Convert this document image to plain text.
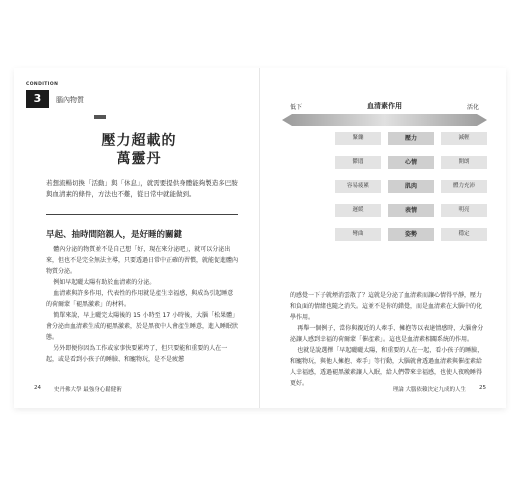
CONDITION
3	腦內物質
壓力超載的
萬靈丹
若想流暢切換「活動」與「休息」，就需要提供身體能夠製造多巴胺與血清素的條件，方法也不難，從日常中就能做到。
早起、抽時間陪親人，是好睡的關鍵

體內分泌的物質並不是自己想「好，現在來分泌吧」，就可以分泌出來，但也不是完全無法主導，只要透過日常中正確的習慣，就能促進體內物質分泌。

例如早起曬太陽有助於血清素的分泌。

血清素與許多作用，代表性的作用就是產生幸福感，與成為引起睡意的荷爾蒙「褪黑激素」的材料。

簡單來說，早上曬完太陽後的 15 小時至 17 小時後，大腦「松果體」會分泌由血清素生成的褪黑激素，於是黑夜中人會產生睡意，進入睡眠狀態。

另外即便你因為工作或家事快要累垮了，但只要能和重要的人在一起，或是看到小孩子的睡臉、和寵物玩，是不是疲憊

24 史丹佛大學 最強身心鬆健術
低下	血清素作用	活化
緊繃	壓力	減輕
鬱悶	心情	開朗
容易疲累	肌肉	體力充沛
遲緩	表情	明亮
彎曲	姿勢	穩定

的感覺一下子就煙消雲散了？這就是分泌了血清素而讓心情得平靜，壓力和負面的情緒也隨之消失。這並不是你的錯覺，而是血清素在大腦中的化學作用。

再舉一個例子，當你與親近的人牽手、擁抱等以表達情感時，大腦會分泌讓人感到幸福的荷爾蒙「催產素」。這也是血清素相關系統的作用。

也就是說選擇「早起曬曬太陽，和重要的人在一起，看小孩子的睡臉，和寵物玩，與他人擁抱、牽手」等行動，大腦就會透過血清素與催產素給人幸福感，透過褪黑激素讓人入眠，給人們帶來幸福感，也使人夜晚睡得更好。

理論 大腦依賴決定九成的人生 25
